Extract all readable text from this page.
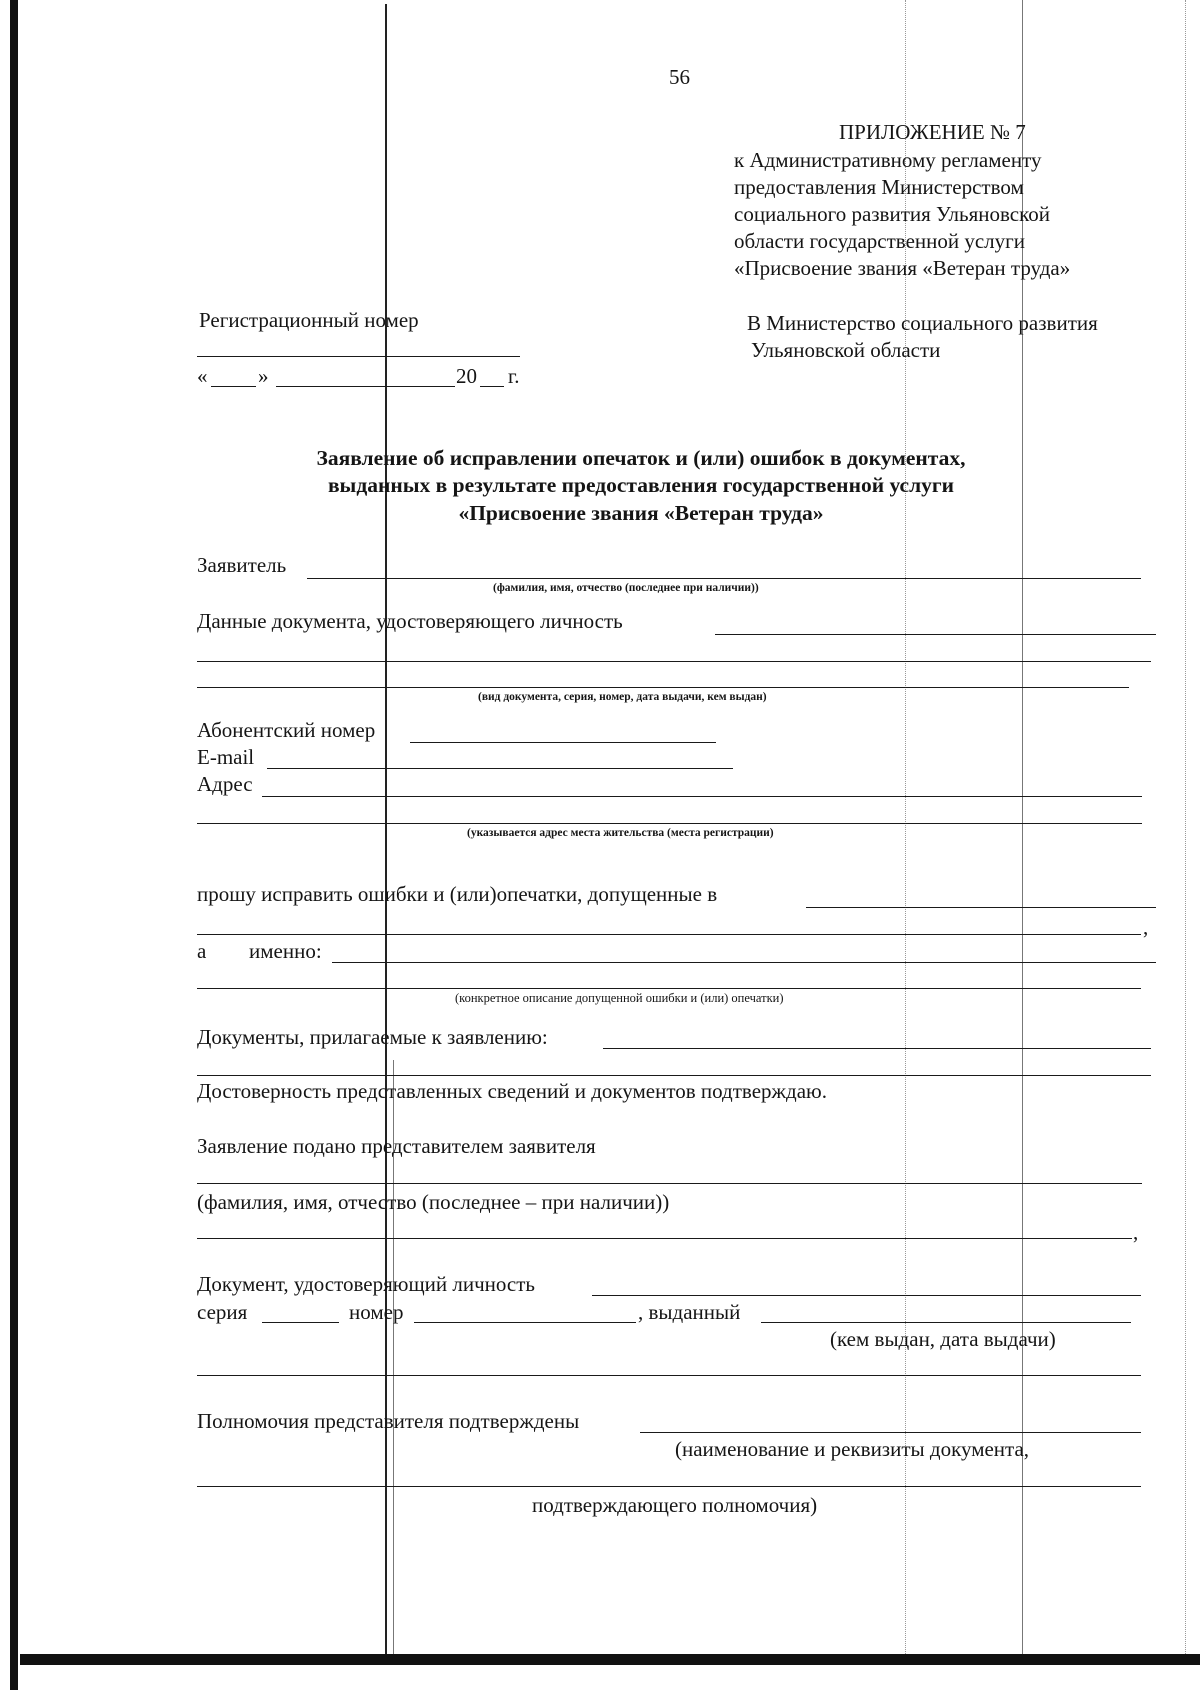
56
ПРИЛОЖЕНИЕ № 7
к Административному регламенту
предоставления Министерством
социального развития Ульяновской
области государственной услуги
«Присвоение звания «Ветеран труда»
Регистрационный номер
« »	20 г.
В Министерство социального развития
Ульяновской области
Заявление об исправлении опечаток и (или) ошибок в документах,
выданных в результате предоставления государственной услуги
«Присвоение звания «Ветеран труда»
Заявитель
(фамилия, имя, отчество (последнее при наличии))
Данные документа, удостоверяющего личность
(вид документа, серия, номер, дата выдачи, кем выдан)
Абонентский номер
E-mail
Адрес
(указывается адрес места жительства (места регистрации)
прошу исправить ошибки и (или)опечатки, допущенные в
,
а именно:
(конкретное описание допущенной ошибки и (или) опечатки)
Документы, прилагаемые к заявлению:
Достоверность представленных сведений и документов подтверждаю.
Заявление подано представителем заявителя
(фамилия, имя, отчество (последнее – при наличии))
,
Документ, удостоверяющий личность
серия	номер	, выданный
(кем выдан, дата выдачи)
Полномочия представителя подтверждены
(наименование и реквизиты документа,
подтверждающего полномочия)
